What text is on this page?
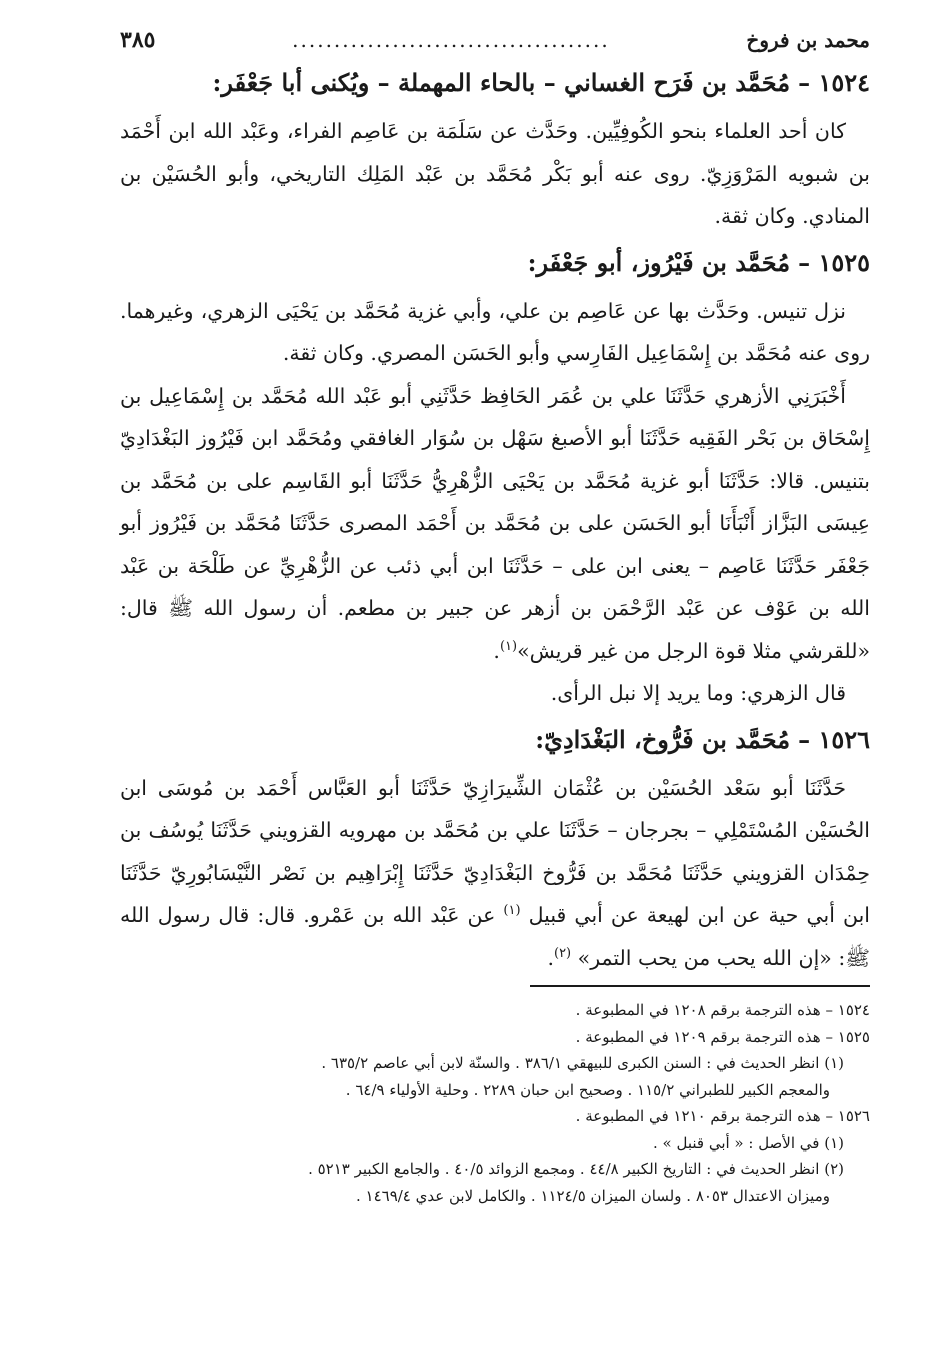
محمد بن فروخ
......................................
٣٨٥
١٥٢٤ –مُحَمَّد بن فَرَح الغساني – بالحاء المهملة – ويُكنى أبا جَعْفَر:

كان أحد العلماء بنحو الكُوفِيِّين. وحَدَّث عن سَلَمَة بن عَاصِم الفراء، وعَبْد الله ابن أَحْمَد بن شبويه المَرْوَزِيّ. روى عنه أبو بَكْر مُحَمَّد بن عَبْد المَلِك التاريخي، وأبو الحُسَيْن بن المنادي. وكان ثقة.

١٥٢٥ –مُحَمَّد بن فَيْرُوز، أبو جَعْفَر:

نزل تنيس. وحَدَّث بها عن عَاصِم بن علي، وأبي غزية مُحَمَّد بن يَحْيَى الزهري، وغيرهما. روى عنه مُحَمَّد بن إِسْمَاعِيل الفَارِسي وأبو الحَسَن المصري. وكان ثقة.

أَخْبَرَنِي الأزهري حَدَّثَنَا علي بن عُمَر الحَافِظ حَدَّثَنِي أبو عَبْد الله مُحَمَّد بن إِسْمَاعِيل بن إِسْحَاق بن بَحْر الفَقِيه حَدَّثَنَا أبو الأصبغ سَهْل بن سُوَار الغافقي ومُحَمَّد ابن فَيْرُوز البَغْدَادِيّ بتنيس. قالا: حَدَّثَنَا أبو غزية مُحَمَّد بن يَحْيَى الزُّهْرِيُّ حَدَّثَنَا أبو القَاسِم على بن مُحَمَّد بن عِيسَى البَزَّاز أَنْبَأَنَا أبو الحَسَن على بن مُحَمَّد بن أَحْمَد المصرى حَدَّثَنَا مُحَمَّد بن فَيْرُوز أبو جَعْفَر حَدَّثَنَا عَاصِم – يعنى ابن على – حَدَّثَنَا ابن أبي ذئب عن الزُّهْرِيِّ عن طَلْحَة بن عَبْد الله بن عَوْف عن عَبْد الرَّحْمَن بن أزهر عن جبير بن مطعم. أن رسول الله ﷺ قال: «للقرشي مثلا قوة الرجل من غير قريش»$^{(١)}$.

قال الزهري: وما يريد إلا نبل الرأى.

١٥٢٦ –مُحَمَّد بن فَرُّوخ، البَغْدَادِيّ:

حَدَّثَنَا أبو سَعْد الحُسَيْن بن عُثْمَان الشِّيرَازِيّ حَدَّثَنَا أبو العَبَّاس أَحْمَد بن مُوسَى ابن الحُسَيْن المُسْتَمْلِي – بجرجان – حَدَّثَنَا علي بن مُحَمَّد بن مهرويه القزويني حَدَّثَنَا يُوسُف بن حِمْدَان القزويني حَدَّثَنَا مُحَمَّد بن فَرُّوخ البَغْدَادِيّ حَدَّثَنَا إِبْرَاهِيم بن نَصْر النَّيْسَابُورِيّ حَدَّثَنَا ابن أبي حية عن ابن لهيعة عن أبي قبيل $^{(١)}$ عن عَبْد الله بن عَمْرو. قال: قال رسول الله ﷺ: «إن الله يحب من يحب التمر» $^{(٢)}$.

١٥٢٤ – هذه الترجمة برقم ١٢٠٨ في المطبوعة .

١٥٢٥ – هذه الترجمة برقم ١٢٠٩ في المطبوعة .

(١) انظر الحديث في : السنن الكبرى للبيهقي ٣٨٦/١ . والسنّة لابن أبي عاصم ٦٣٥/٢ .

والمعجم الكبير للطبراني ١١٥/٢ . وصحيح ابن حبان ٢٢٨٩ . وحلية الأولياء ٦٤/٩ .

١٥٢٦ – هذه الترجمة برقم ١٢١٠ في المطبوعة .

(١) في الأصل : « أبي قنبل » .

(٢) انظر الحديث في : التاريخ الكبير ٤٤/٨ . ومجمع الزوائد ٤٠/٥ . والجامع الكبير ٥٢١٣ .

وميزان الاعتدال ٨٠٥٣ . ولسان الميزان ١١٢٤/٥ . والكامل لابن عدي ١٤٦٩/٤ .
